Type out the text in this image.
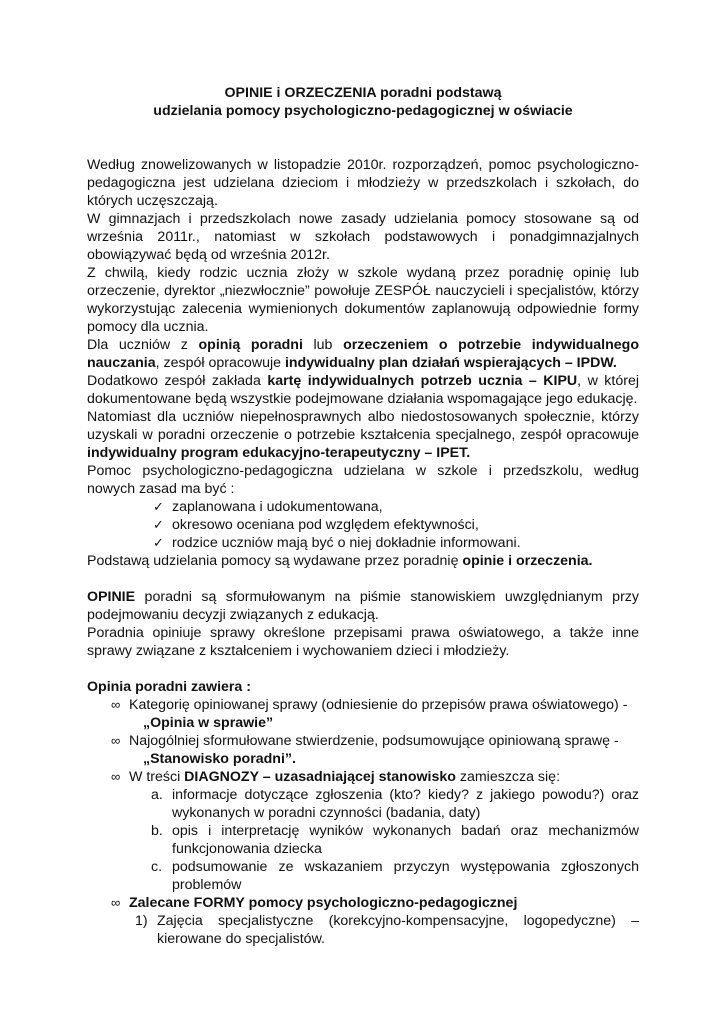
OPINIE i ORZECZENIA poradni podstawą
udzielania pomocy psychologiczno-pedagogicznej w oświacie

Według znowelizowanych w listopadzie 2010r. rozporządzeń, pomoc psychologiczno-pedagogiczna jest udzielana dzieciom i młodzieży w przedszkolach i szkołach, do których uczęszczają.

W gimnazjach i przedszkolach nowe zasady udzielania pomocy stosowane są od września 2011r., natomiast w szkołach podstawowych i ponadgimnazjalnych obowiązywać będą od września 2012r.

Z chwilą, kiedy rodzic ucznia złoży w szkole wydaną przez poradnię opinię lub orzeczenie, dyrektor „niezwłocznie” powołuje ZESPÓŁ nauczycieli i specjalistów, którzy wykorzystując zalecenia wymienionych dokumentów zaplanowują odpowiednie formy pomocy dla ucznia.

Dla uczniów z opinią poradni lub orzeczeniem o potrzebie indywidualnego nauczania, zespół opracowuje indywidualny plan działań wspierających – IPDW.

Dodatkowo zespół zakłada kartę indywidualnych potrzeb ucznia – KIPU, w której dokumentowane będą wszystkie podejmowane działania wspomagające jego edukację.

Natomiast dla uczniów niepełnosprawnych albo niedostosowanych społecznie, którzy uzyskali w poradni orzeczenie o potrzebie kształcenia specjalnego, zespół opracowuje indywidualny program edukacyjno-terapeutyczny – IPET.

Pomoc psychologiczno-pedagogiczna udzielana w szkole i przedszkolu, według nowych zasad ma być :

✓ zaplanowana i udokumentowana,
✓ okresowo oceniana pod względem efektywności,
✓ rodzice uczniów mają być o niej dokładnie informowani.

Podstawą udzielania pomocy są wydawane przez poradnię opinie i orzeczenia.

OPINIE poradni są sformułowanym na piśmie stanowiskiem uwzględnianym przy podejmowaniu decyzji związanych z edukacją.

Poradnia opiniuje sprawy określone przepisami prawa oświatowego, a także inne sprawy związane z kształceniem i wychowaniem dzieci i młodzieży.

Opinia poradni zawiera :

∞ Kategorię opiniowanej sprawy (odniesienie do przepisów prawa oświatowego) -
„Opinia w sprawie”
∞ Najogólniej sformułowane stwierdzenie, podsumowujące opiniowaną sprawę -
„Stanowisko poradni”.
∞ W treści DIAGNOZY – uzasadniającej stanowisko zamieszcza się:
a. informacje dotyczące zgłoszenia (kto? kiedy? z jakiego powodu?) oraz wykonanych w poradni czynności (badania, daty)
b. opis i interpretację wyników wykonanych badań oraz mechanizmów funkcjonowania dziecka
c. podsumowanie ze wskazaniem przyczyn występowania zgłoszonych problemów
∞ Zalecane FORMY pomocy psychologiczno-pedagogicznej
1) Zajęcia specjalistyczne (korekcyjno-kompensacyjne, logopedyczne) – kierowane do specjalistów.
